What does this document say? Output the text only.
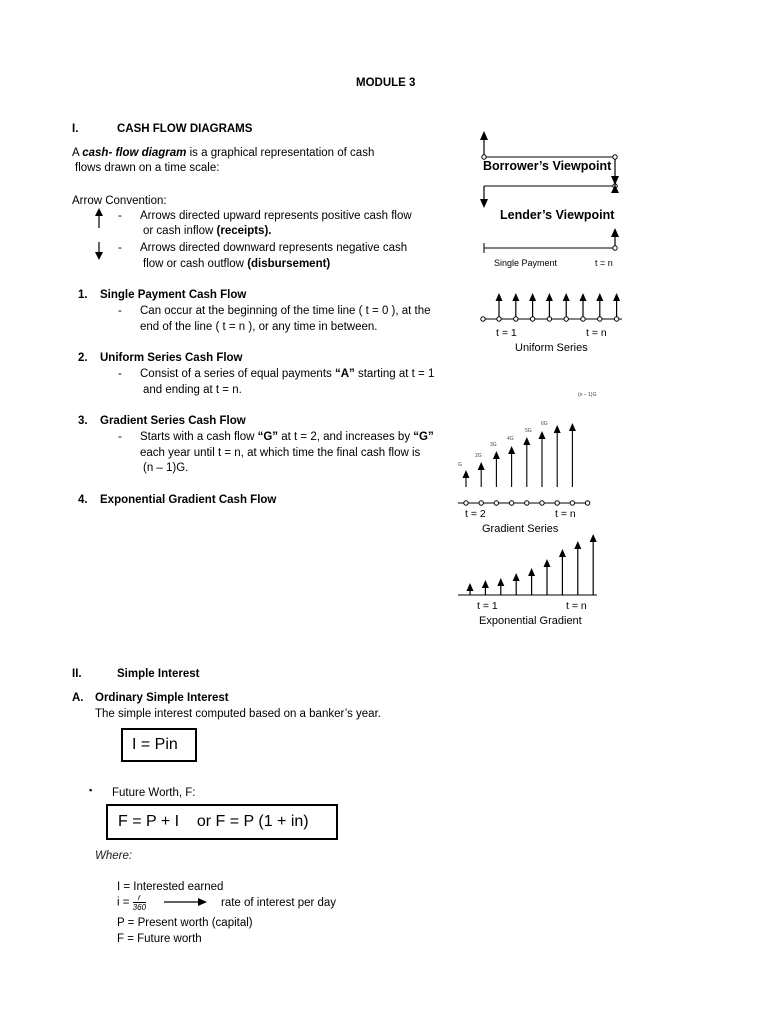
MODULE 3
I.	CASH FLOW DIAGRAMS
A cash- flow diagram is a graphical representation of cash
flows drawn on a time scale:
Arrow Convention:
- Arrows directed upward represents positive cash flow
or cash inflow (receipts).
- Arrows directed downward represents negative cash
flow or cash outflow (disbursement)
1. Single Payment Cash Flow
- Can occur at the beginning of the time line ( t = 0 ), at the
end of the line ( t = n ), or any time in between.
2. Uniform Series Cash Flow
- Consist of a series of equal payments “A” starting at t = 1
and ending at t = n.
3. Gradient Series Cash Flow
- Starts with a cash flow “G” at t = 2, and increases by “G”
each year until t = n, at which time the final cash flow is
(n – 1)G.
4. Exponential Gradient Cash Flow
Borrower’s Viewpoint
Lender’s Viewpoint
Single Payment	t = n
t = 1	t = n
Uniform Series
G
2G
3G
4G
5G
6G
(n – 1)G
t = 2	t = n
Gradient Series
t = 1	t = n
Exponential Gradient
II.	Simple Interest
A. Ordinary Simple Interest
The simple interest computed based on a banker’s year.
I = Pin
▪ Future Worth, F:
F = P + I    or F = P (1 + in)
Where:
I = Interested earned
$i = \frac{r}{360}$	rate of interest per day
P = Present worth (capital)
F = Future worth
